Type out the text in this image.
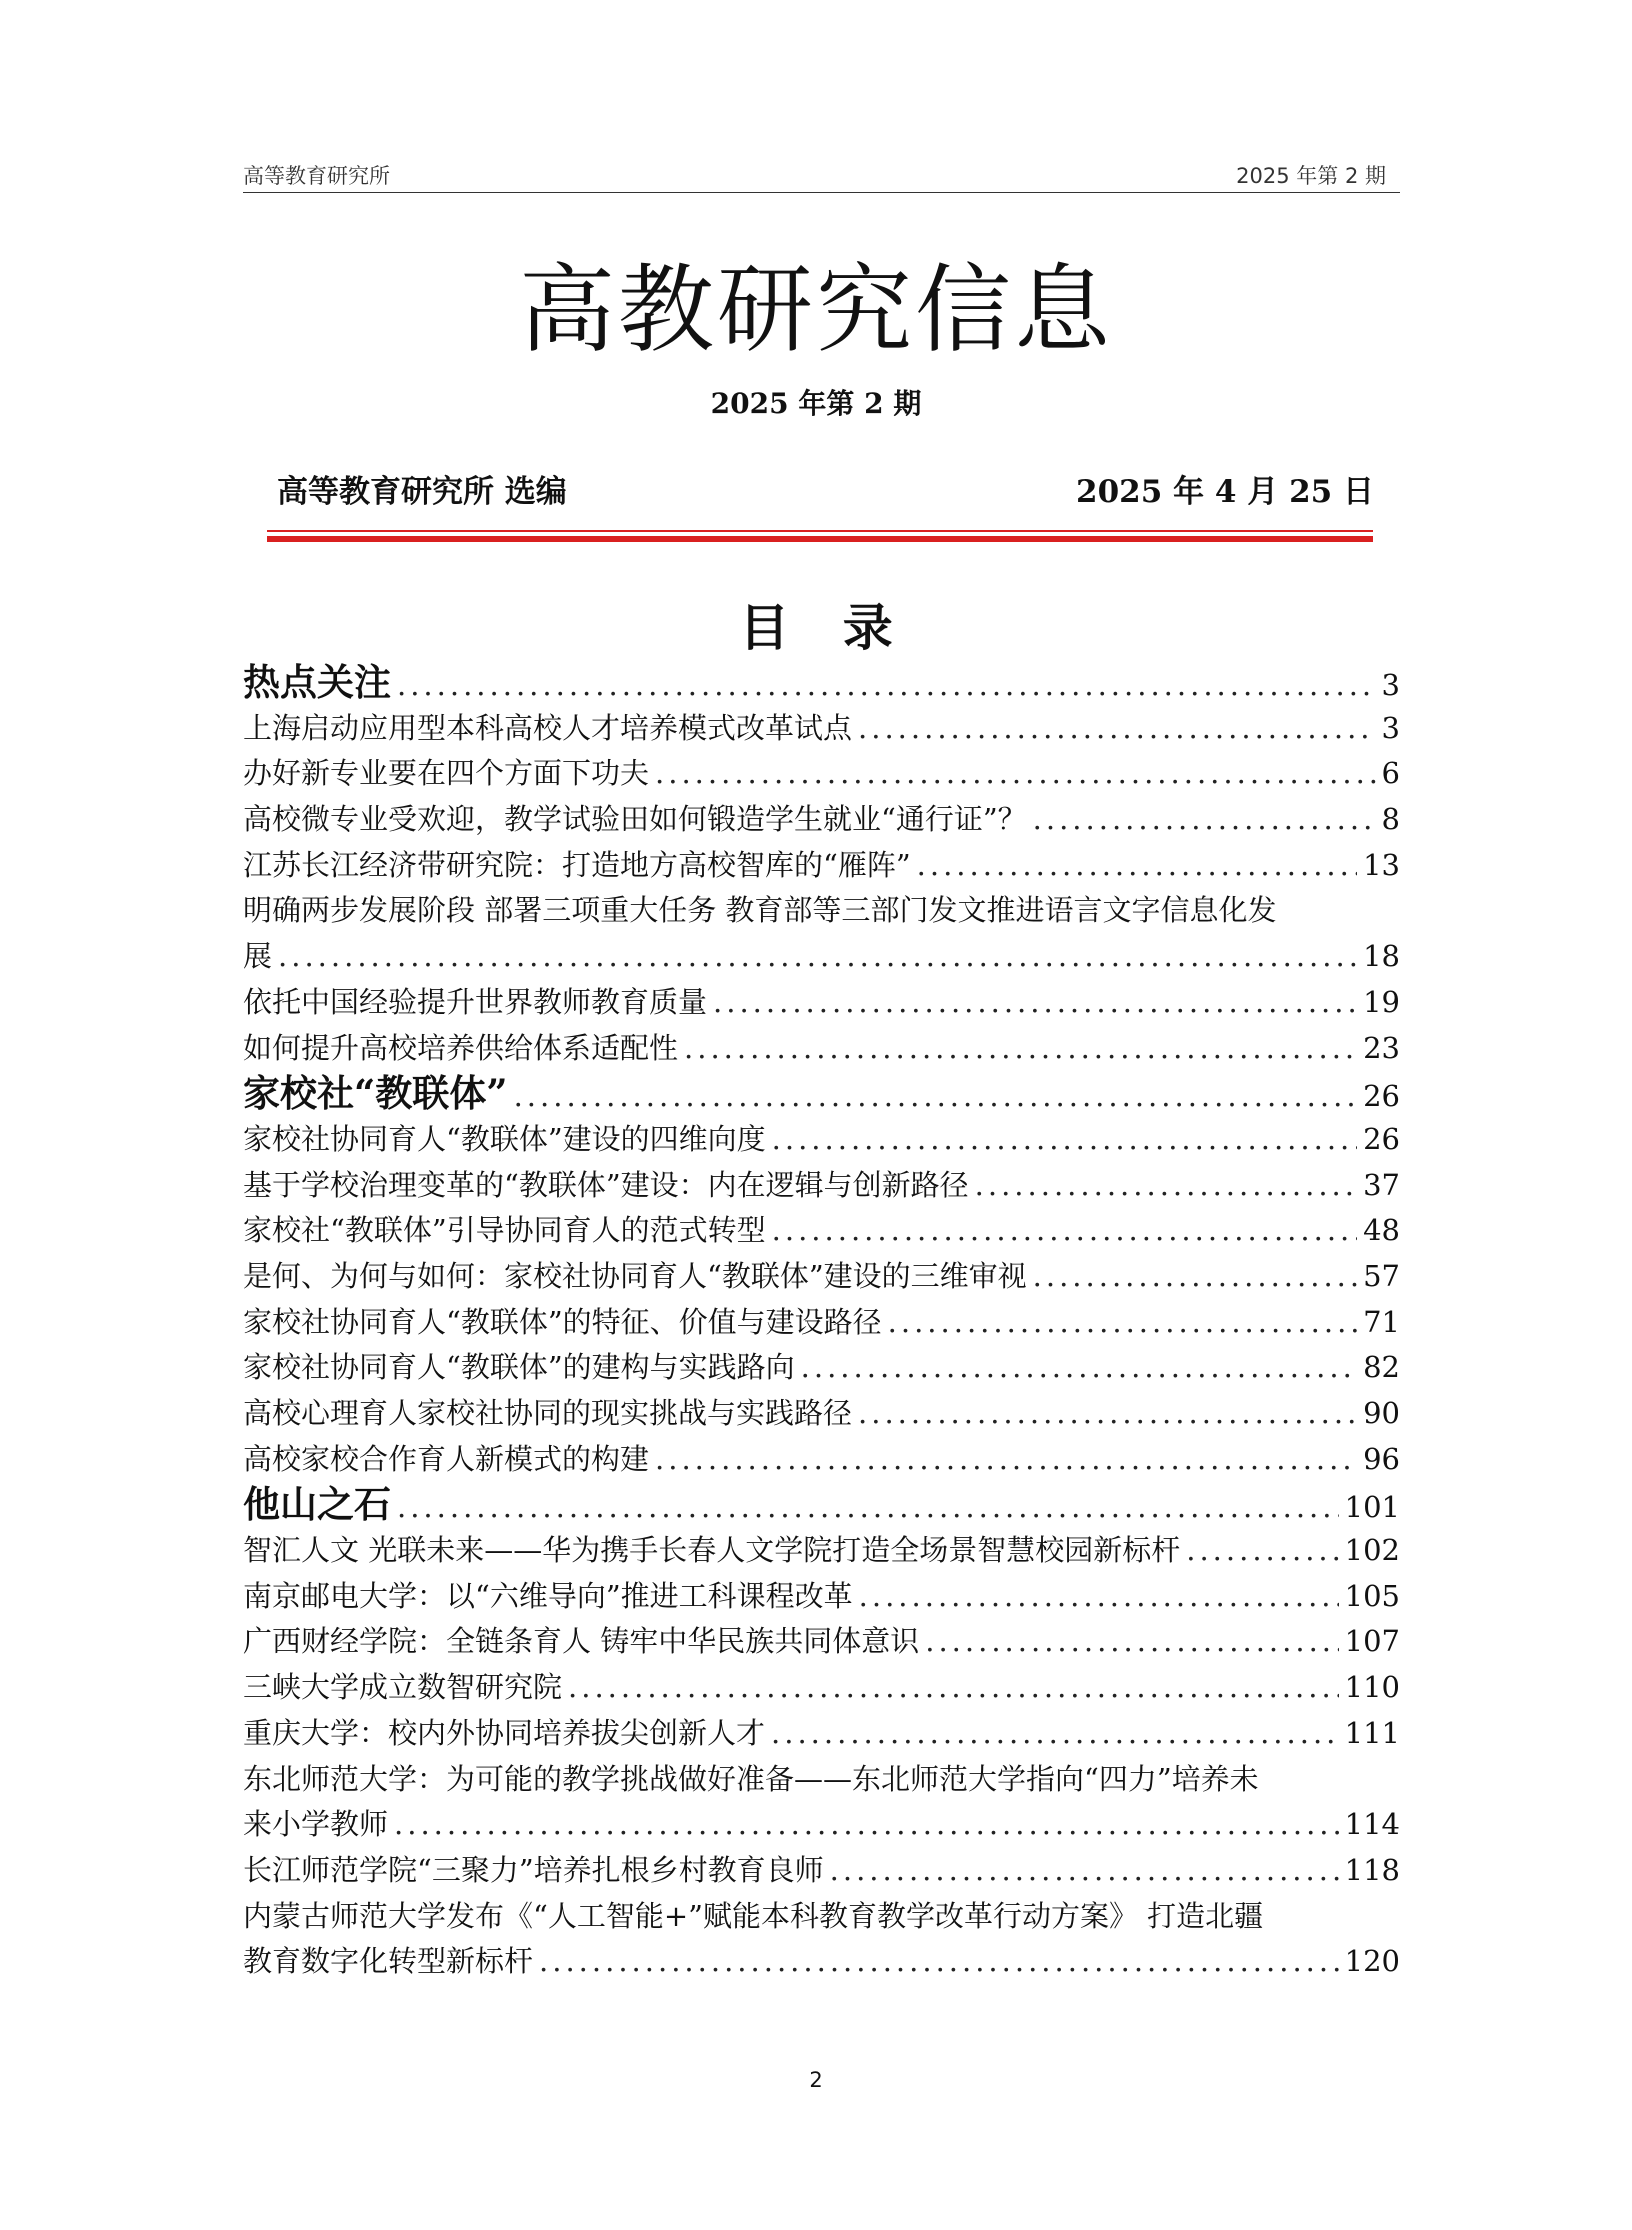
高等教育研究所	2025 年第 2 期
高教研究信息
2025 年第 2 期
高等教育研究所 选编	2025 年 4 月 25 日
目 录
热点关注 .....	3
上海启动应用型本科高校人才培养模式改革试点 .....	3
办好新专业要在四个方面下功夫 .....	6
高校微专业受欢迎，教学试验田如何锻造学生就业“通行证”？ .....	8
江苏长江经济带研究院：打造地方高校智库的“雁阵” .....	13
明确两步发展阶段 部署三项重大任务 教育部等三部门发文推进语言文字信息化发
展 .....	18
依托中国经验提升世界教师教育质量 .....	19
如何提升高校培养供给体系适配性 .....	23
家校社“教联体” .....	26
家校社协同育人“教联体”建设的四维向度 .....	26
基于学校治理变革的“教联体”建设：内在逻辑与创新路径 .....	37
家校社“教联体”引导协同育人的范式转型 .....	48
是何、为何与如何：家校社协同育人“教联体”建设的三维审视 .....	57
家校社协同育人“教联体”的特征、价值与建设路径 .....	71
家校社协同育人“教联体”的建构与实践路向 .....	82
高校心理育人家校社协同的现实挑战与实践路径 .....	90
高校家校合作育人新模式的构建 .....	96
他山之石 .....	101
智汇人文 光联未来——华为携手长春人文学院打造全场景智慧校园新标杆 .....	102
南京邮电大学：以“六维导向”推进工科课程改革 .....	105
广西财经学院：全链条育人 铸牢中华民族共同体意识 .....	107
三峡大学成立数智研究院 .....	110
重庆大学：校内外协同培养拔尖创新人才 .....	111
东北师范大学：为可能的教学挑战做好准备——东北师范大学指向“四力”培养未
来小学教师 .....	114
长江师范学院“三聚力”培养扎根乡村教育良师 .....	118
内蒙古师范大学发布《“人工智能+”赋能本科教育教学改革行动方案》 打造北疆
教育数字化转型新标杆 .....	120
2
